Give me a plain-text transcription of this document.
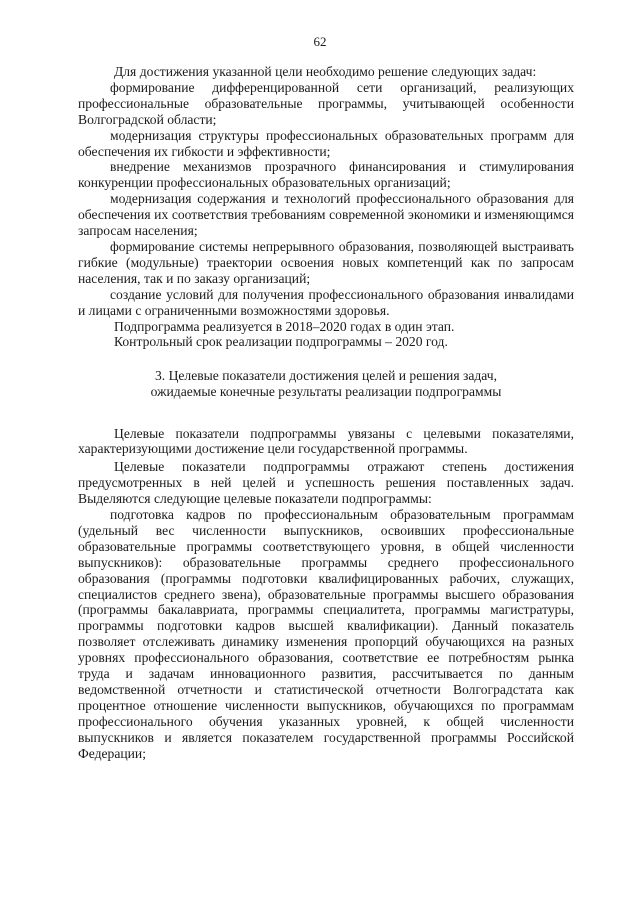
62

Для достижения указанной цели необходимо решение следующих задач:

формирование дифференцированной сети организаций, реализующих профессиональные образовательные программы, учитывающей особенности Волгоградской области;

модернизация структуры профессиональных образовательных программ для обеспечения их гибкости и эффективности;

внедрение механизмов прозрачного финансирования и стимулирования конкуренции профессиональных образовательных организаций;

модернизация содержания и технологий профессионального образования для обеспечения их соответствия требованиям современной экономики и изменяющимся запросам населения;

формирование системы непрерывного образования, позволяющей выстраивать гибкие (модульные) траектории освоения новых компетенций как по запросам населения, так и по заказу организаций;

создание условий для получения профессионального образования инвалидами и лицами с ограниченными возможностями здоровья.

Подпрограмма реализуется в 2018–2020 годах в один этап.

Контрольный срок реализации подпрограммы – 2020 год.

3. Целевые показатели достижения целей и решения задач,
ожидаемые конечные результаты реализации подпрограммы

Целевые показатели подпрограммы увязаны с целевыми показателями, характеризующими достижение цели государственной программы.

Целевые показатели подпрограммы отражают степень достижения предусмотренных в ней целей и успешность решения поставленных задач. Выделяются следующие целевые показатели подпрограммы:

подготовка кадров по профессиональным образовательным программам (удельный вес численности выпускников, освоивших профессиональные образовательные программы соответствующего уровня, в общей численности выпускников): образовательные программы среднего профессионального образования (программы подготовки квалифицированных рабочих, служащих, специалистов среднего звена), образовательные программы высшего образования (программы бакалавриата, программы специалитета, программы магистратуры, программы подготовки кадров высшей квалификации). Данный показатель позволяет отслеживать динамику изменения пропорций обучающихся на разных уровнях профессионального образования, соответствие ее потребностям рынка труда и задачам инновационного развития, рассчитывается по данным ведомственной отчетности и статистической отчетности Волгоградстата как процентное отношение численности выпускников, обучающихся по программам профессионального обучения указанных уровней, к общей численности выпускников и является показателем государственной программы Российской Федерации;
